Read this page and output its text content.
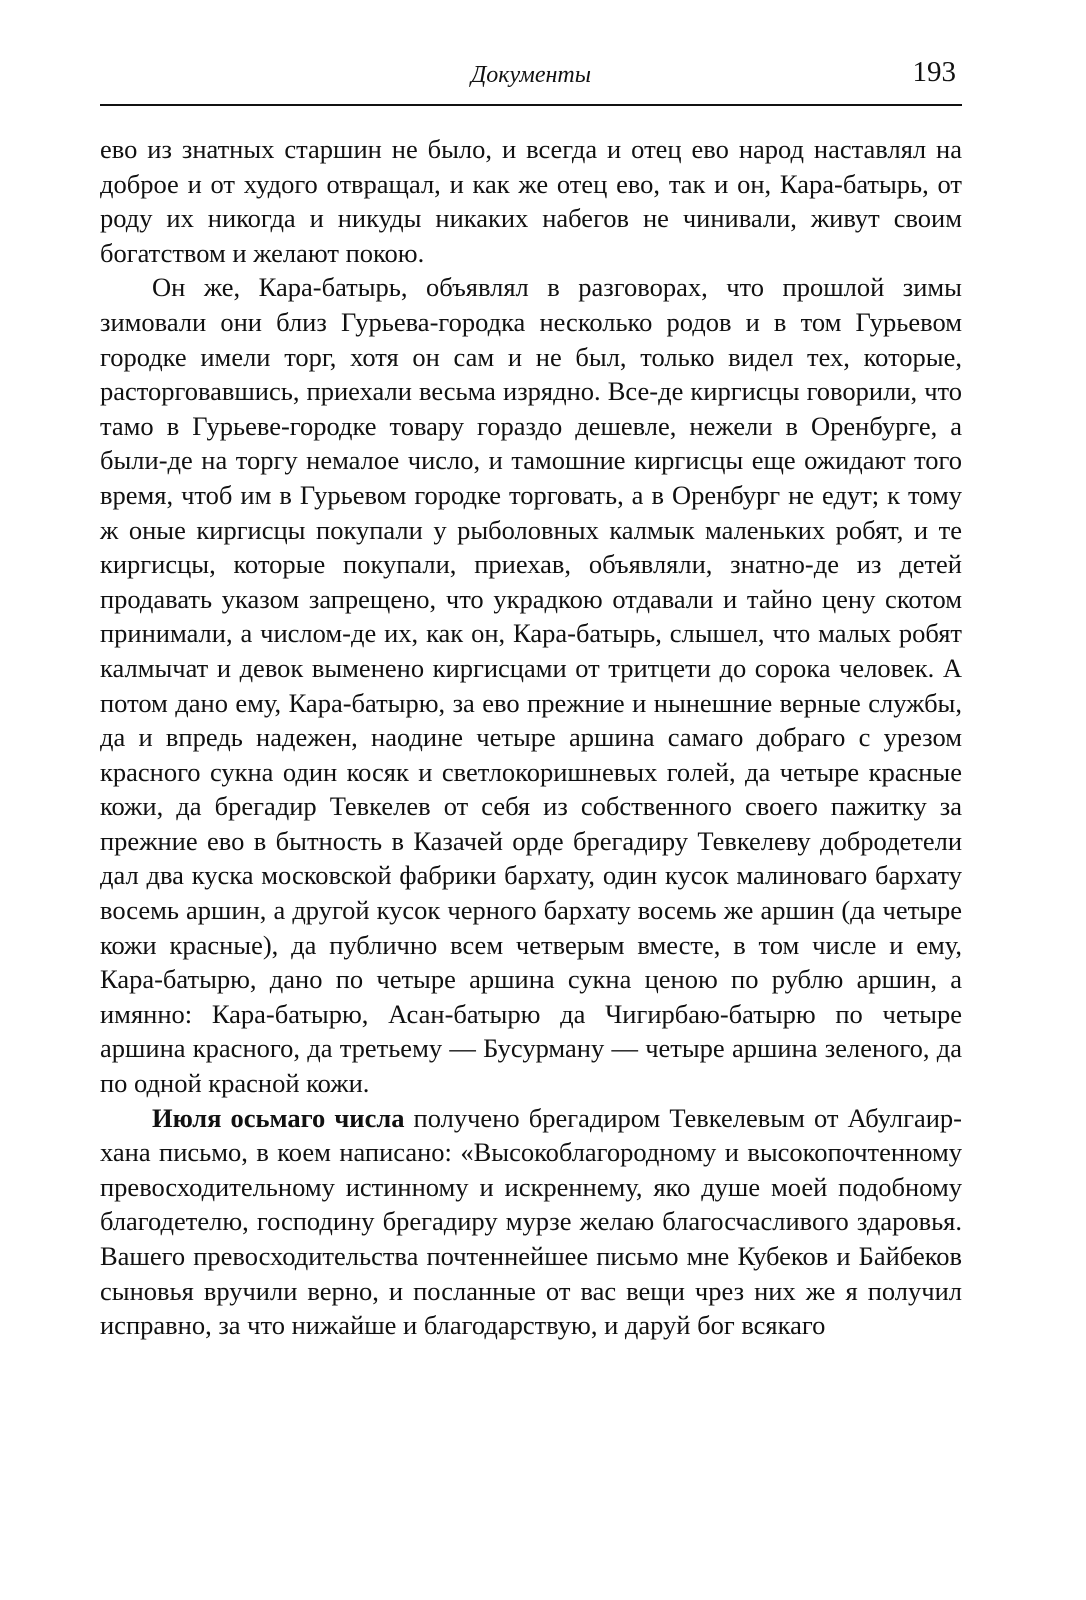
Документы	193

ево из знатных старшин не было, и всегда и отец ево народ наставлял на доброе и от худого отвращал, и как же отец ево, так и он, Кара-батырь, от роду их никогда и никуды никаких набегов не чинивали, живут своим богатством и желают покою.

Он же, Кара-батырь, объявлял в разговорах, что прошлой зимы зимовали они близ Гурьева-городка несколько родов и в том Гурьевом городке имели торг, хотя он сам и не был, только видел тех, которые, расторговавшись, приехали весьма изрядно. Все-де киргисцы говорили, что тамо в Гурьеве-городке товару гораздо дешевле, нежели в Оренбурге, а были-де на торгу немалое число, и тамошние киргисцы еще ожидают того время, чтоб им в Гурьевом городке торговать, а в Оренбург не едут; к тому ж оные киргисцы покупали у рыболовных калмык маленьких робят, и те киргисцы, которые покупали, приехав, объявляли, знатно-де из детей продавать указом запрещено, что украдкою отдавали и тайно цену скотом принимали, а числом-де их, как он, Кара-батырь, слышел, что малых робят калмычат и девок выменено киргисцами от тритцети до сорока человек. А потом дано ему, Кара-батырю, за ево прежние и нынешние верные службы, да и впредь надежен, наодине четыре аршина самаго добраго с урезом красного сукна один косяк и светлокоришневых голей, да четыре красные кожи, да брегадир Тевкелев от себя из собственного своего пажитку за прежние ево в бытность в Казачей орде брегадиру Тевкелеву добродетели дал два куска московской фабрики бархату, один кусок малиноваго бархату восемь аршин, а другой кусок черного бархату восемь же аршин (да четыре кожи красные), да публично всем четверым вместе, в том числе и ему, Кара-батырю, дано по четыре аршина сукна ценою по рублю аршин, а имянно: Кара-батырю, Асан-батырю да Чигирбаю-батырю по четыре аршина красного, да третьему — Бусурману — четыре аршина зеленого, да по одной красной кожи.

Июля осьмаго числа получено брегадиром Тевкелевым от Абулгаир-хана письмо, в коем написано: «Высокоблагородному и высокопочтенному превосходительному истинному и искреннему, яко душе моей подобному благодетелю, господину брегадиру мурзе желаю благосчасливого здаровья. Вашего превосходительства почтеннейшее письмо мне Кубеков и Байбеков сыновья вручили верно, и посланные от вас вещи чрез них же я получил исправно, за что нижайше и благодарствую, и даруй бог всякаго
